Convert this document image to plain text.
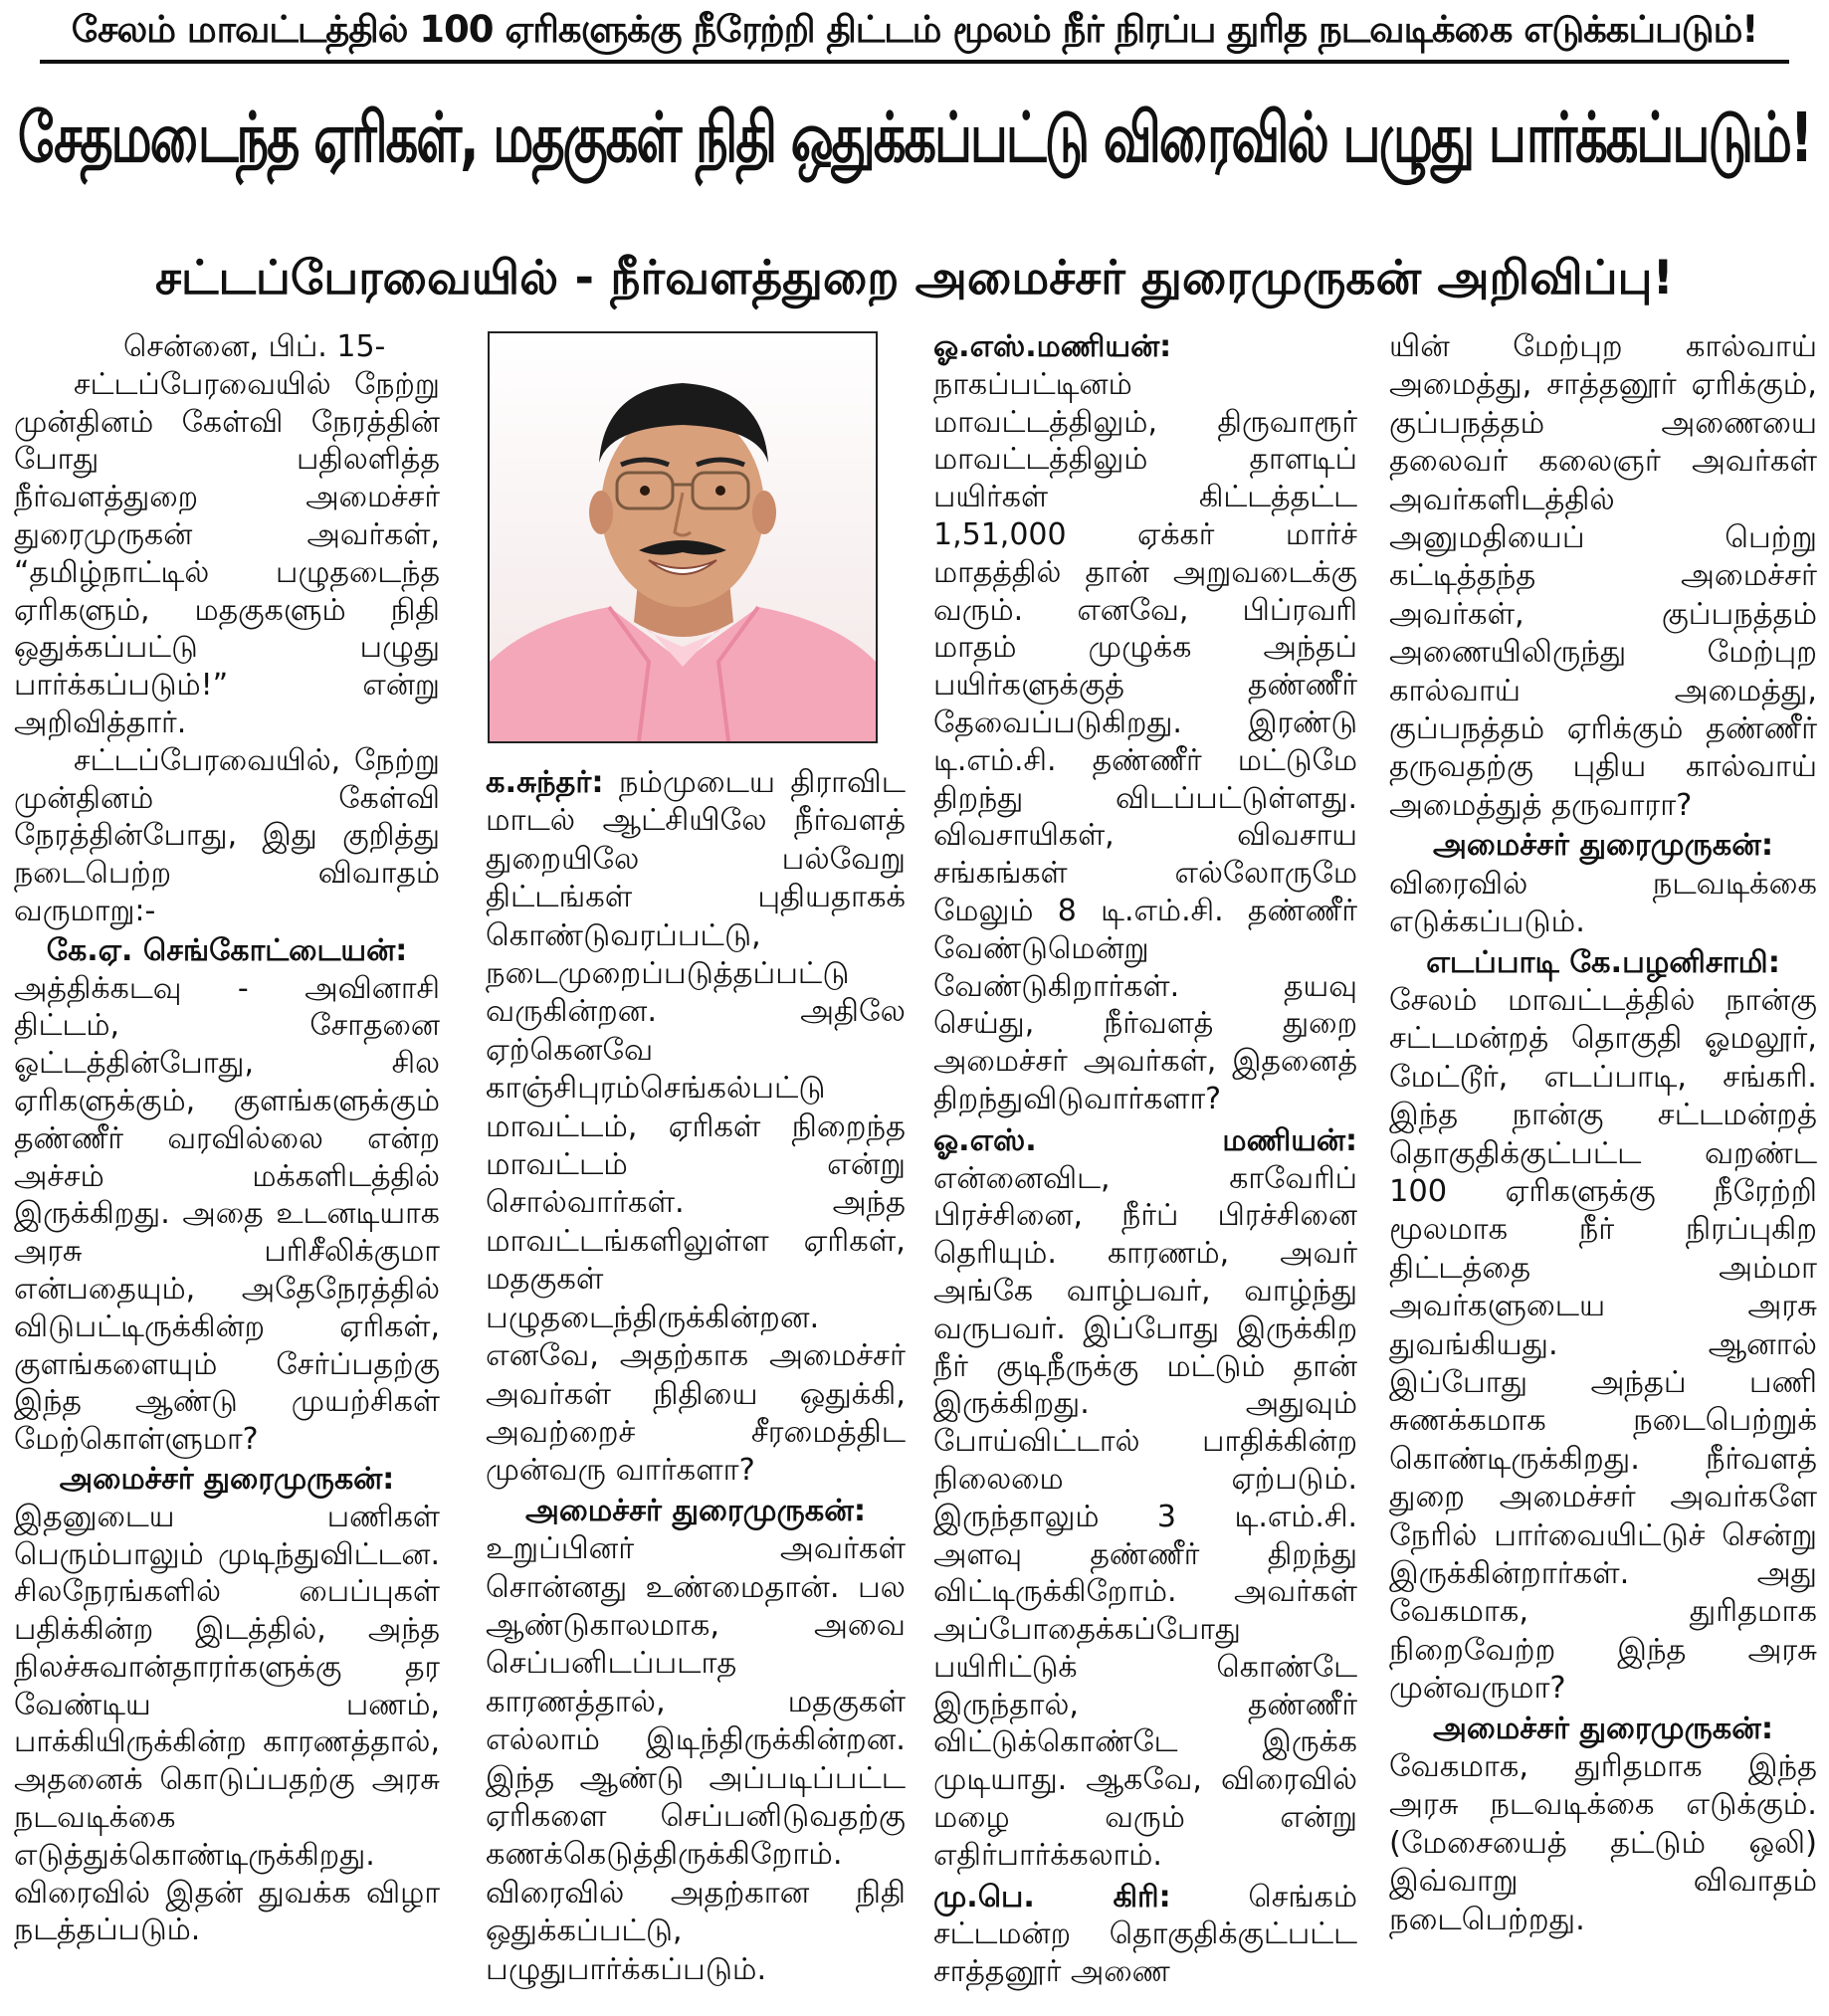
சேலம் மாவட்டத்தில் 100 ஏரிகளுக்கு நீரேற்றி திட்டம் மூலம் நீர் நிரப்ப துரித நடவடிக்கை எடுக்கப்படும்!
சேதமடைந்த ஏரிகள், மதகுகள் நிதி ஒதுக்கப்பட்டு விரைவில் பழுது பார்க்கப்படும்!
சட்டப்பேரவையில் - நீர்வளத்துறை அமைச்சர் துரைமுருகன் அறிவிப்பு!

சென்னை, பிப். 15-

சட்டப்பேரவையில் நேற்று முன்தினம் கேள்வி நேரத்தின் போது பதிலளித்த நீர்வளத்துறை அமைச்சர் துரைமுருகன் அவர்கள், “தமிழ்நாட்டில் பழுதடைந்த ஏரிகளும், மதகுகளும் நிதி ஒதுக்கப்பட்டு பழுது பார்க்கப்படும்!” என்று அறிவித்தார்.

சட்டப்பேரவையில், நேற்று முன்தினம் கேள்வி நேரத்தின்போது, இது குறித்து நடைபெற்ற விவாதம் வருமாறு:-

கே.ஏ. செங்கோட்டையன்:

அத்திக்கடவு - அவினாசி திட்டம், சோதனை ஓட்டத்தின்போது, சில ஏரிகளுக்கும், குளங்களுக்கும் தண்ணீர் வரவில்லை என்ற அச்சம் மக்களிடத்தில் இருக்கிறது. அதை உடனடியாக அரசு பரிசீலிக்குமா என்பதையும், அதேநேரத்தில் விடுபட்டிருக்கின்ற ஏரிகள், குளங்களையும் சேர்ப்பதற்கு இந்த ஆண்டு முயற்சிகள் மேற்கொள்ளுமா?

அமைச்சர் துரைமுருகன்:

இதனுடைய பணிகள் பெரும்பாலும் முடிந்துவிட்டன. சிலநேரங்களில் பைப்புகள் பதிக்கின்ற இடத்தில், அந்த நிலச்சுவான்தாரர்களுக்கு தர வேண்டிய பணம், பாக்கியிருக்கின்ற காரணத்தால், அதனைக் கொடுப்பதற்கு அரசு நடவடிக்கை எடுத்துக்கொண்டிருக்கிறது. விரைவில் இதன் துவக்க விழா நடத்தப்படும்.

க.சுந்தர்: நம்முடைய திராவிட மாடல் ஆட்சியிலே நீர்வளத் துறையிலே பல்வேறு திட்டங்கள் புதியதாகக் கொண்டுவரப்பட்டு, நடைமுறைப்படுத்தப்பட்டு வருகின்றன. அதிலே ஏற்கெனவே காஞ்சிபுரம்செங்கல்பட்டு மாவட்டம், ஏரிகள் நிறைந்த மாவட்டம் என்று சொல்வார்கள். அந்த மாவட்டங்களிலுள்ள ஏரிகள், மதகுகள் பழுதடைந்திருக்கின்றன. எனவே, அதற்காக அமைச்சர் அவர்கள் நிதியை ஒதுக்கி, அவற்றைச் சீரமைத்திட முன்வரு வார்களா?

அமைச்சர் துரைமுருகன்:

உறுப்பினர் அவர்கள் சொன்னது உண்மைதான். பல ஆண்டுகாலமாக, அவை செப்பனிடப்படாத காரணத்தால், மதகுகள் எல்லாம் இடிந்திருக்கின்றன. இந்த ஆண்டு அப்படிப்பட்ட ஏரிகளை செப்பனிடுவதற்கு கணக்கெடுத்திருக்கிறோம். விரைவில் அதற்கான நிதி ஒதுக்கப்பட்டு, பழுதுபார்க்கப்படும்.

ஓ.எஸ்.மணியன்: நாகப்பட்டினம் மாவட்டத்திலும், திருவாரூர் மாவட்டத்திலும் தாளடிப் பயிர்கள் கிட்டத்தட்ட 1,51,000 ஏக்கர் மார்ச் மாதத்தில் தான் அறுவடைக்கு வரும். எனவே, பிப்ரவரி மாதம் முழுக்க அந்தப் பயிர்களுக்குத் தண்ணீர் தேவைப்படுகிறது. இரண்டு டி.எம்.சி. தண்ணீர் மட்டுமே திறந்து விடப்பட்டுள்ளது. விவசாயிகள், விவசாய சங்கங்கள் எல்லோருமே மேலும் 8 டி.எம்.சி. தண்ணீர் வேண்டுமென்று வேண்டுகிறார்கள். தயவு செய்து, நீர்வளத் துறை அமைச்சர் அவர்கள், இதனைத் திறந்துவிடுவார்களா?

ஓ.எஸ். மணியன்: என்னைவிட, காவேரிப் பிரச்சினை, நீர்ப் பிரச்சினை தெரியும். காரணம், அவர் அங்கே வாழ்பவர், வாழ்ந்து வருபவர். இப்போது இருக்கிற நீர் குடிநீருக்கு மட்டும் தான் இருக்கிறது. அதுவும் போய்விட்டால் பாதிக்கின்ற நிலைமை ஏற்படும். இருந்தாலும் 3 டி.எம்.சி. அளவு தண்ணீர் திறந்து விட்டிருக்கிறோம். அவர்கள் அப்போதைக்கப்போது பயிரிட்டுக் கொண்டே இருந்தால், தண்ணீர் விட்டுக்கொண்டே இருக்க முடியாது. ஆகவே, விரைவில் மழை வரும் என்று எதிர்பார்க்கலாம்.

மு.பெ. கிரி:	செங்கம் சட்டமன்ற தொகுதிக்குட்பட்ட சாத்தனூர் அணை

யின் மேற்புற கால்வாய் அமைத்து, சாத்தனூர் ஏரிக்கும், குப்பநத்தம் அணையை தலைவர் கலைஞர் அவர்கள் அவர்களிடத்தில் அனுமதியைப் பெற்று கட்டித்தந்த அமைச்சர் அவர்கள், குப்பநத்தம் அணையிலிருந்து மேற்புற கால்வாய் அமைத்து, குப்பநத்தம் ஏரிக்கும் தண்ணீர் தருவதற்கு புதிய கால்வாய் அமைத்துத் தருவாரா?

அமைச்சர் துரைமுருகன்:

விரைவில் நடவடிக்கை எடுக்கப்படும்.

எடப்பாடி கே.பழனிசாமி:

சேலம் மாவட்டத்தில் நான்கு சட்டமன்றத் தொகுதி ஓமலூர், மேட்டூர், எடப்பாடி, சங்கரி. இந்த நான்கு சட்டமன்றத் தொகுதிக்குட்பட்ட வறண்ட 100 ஏரிகளுக்கு நீரேற்றி மூலமாக நீர் நிரப்புகிற திட்டத்தை அம்மா அவர்களுடைய அரசு துவங்கியது. ஆனால் இப்போது அந்தப் பணி சுணக்கமாக நடைபெற்றுக் கொண்டிருக்கிறது. நீர்வளத் துறை அமைச்சர் அவர்களே நேரில் பார்வையிட்டுச் சென்று இருக்கின்றார்கள். அது வேகமாக, துரிதமாக நிறைவேற்ற இந்த அரசு முன்வருமா?

அமைச்சர் துரைமுருகன்:

வேகமாக, துரிதமாக இந்த அரசு நடவடிக்கை எடுக்கும். (மேசையைத் தட்டும் ஒலி) இவ்வாறு விவாதம் நடைபெற்றது.
